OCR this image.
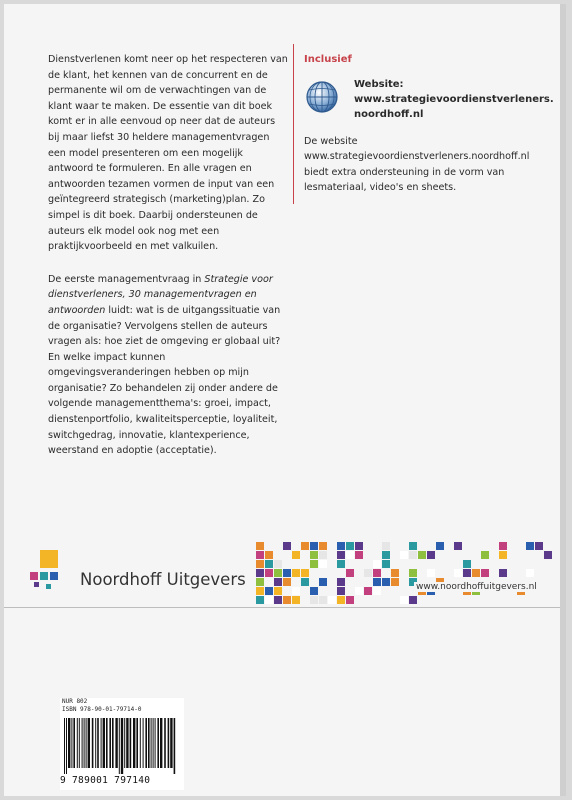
Dienstverlenen komt neer op het respecteren van de klant, het kennen van de concurrent en de permanente wil om de verwachtingen van de klant waar te maken. De essentie van dit boek komt er in alle eenvoud op neer dat de auteurs bij maar liefst 30 heldere managementvragen een model presenteren om een mogelijk antwoord te formuleren. En alle vragen en antwoorden tezamen vormen de input van een geïntegreerd strategisch (marketing)plan. Zo simpel is dit boek. Daarbij ondersteunen de auteurs elk model ook nog met een praktijkvoorbeeld en met valkuilen.

De eerste managementvraag in Strategie voor dienstverleners, 30 managementvragen en antwoorden luidt: wat is de uitgangssituatie van de organisatie? Vervolgens stellen de auteurs vragen als: hoe ziet de omgeving er globaal uit? En welke impact kunnen omgevingsveranderingen hebben op mijn organisatie? Zo behandelen zij onder andere de volgende managementthema's: groei, impact, dienstenportfolio, kwaliteitsperceptie, loyaliteit, switchgedrag, innovatie, klantexperience, weerstand en adoptie (acceptatie).

Inclusief
Website:
www.strategievoordienstverleners.
noordhoff.nl
De website www.strategievoordienstverleners.noordhoff.nl biedt extra ondersteuning in de vorm van lesmateriaal, video's en sheets.
Noordhoff Uitgevers	www.noordhoffuitgevers.nl
NUR 802
ISBN 978-90-01-79714-0
9 789001 797140
